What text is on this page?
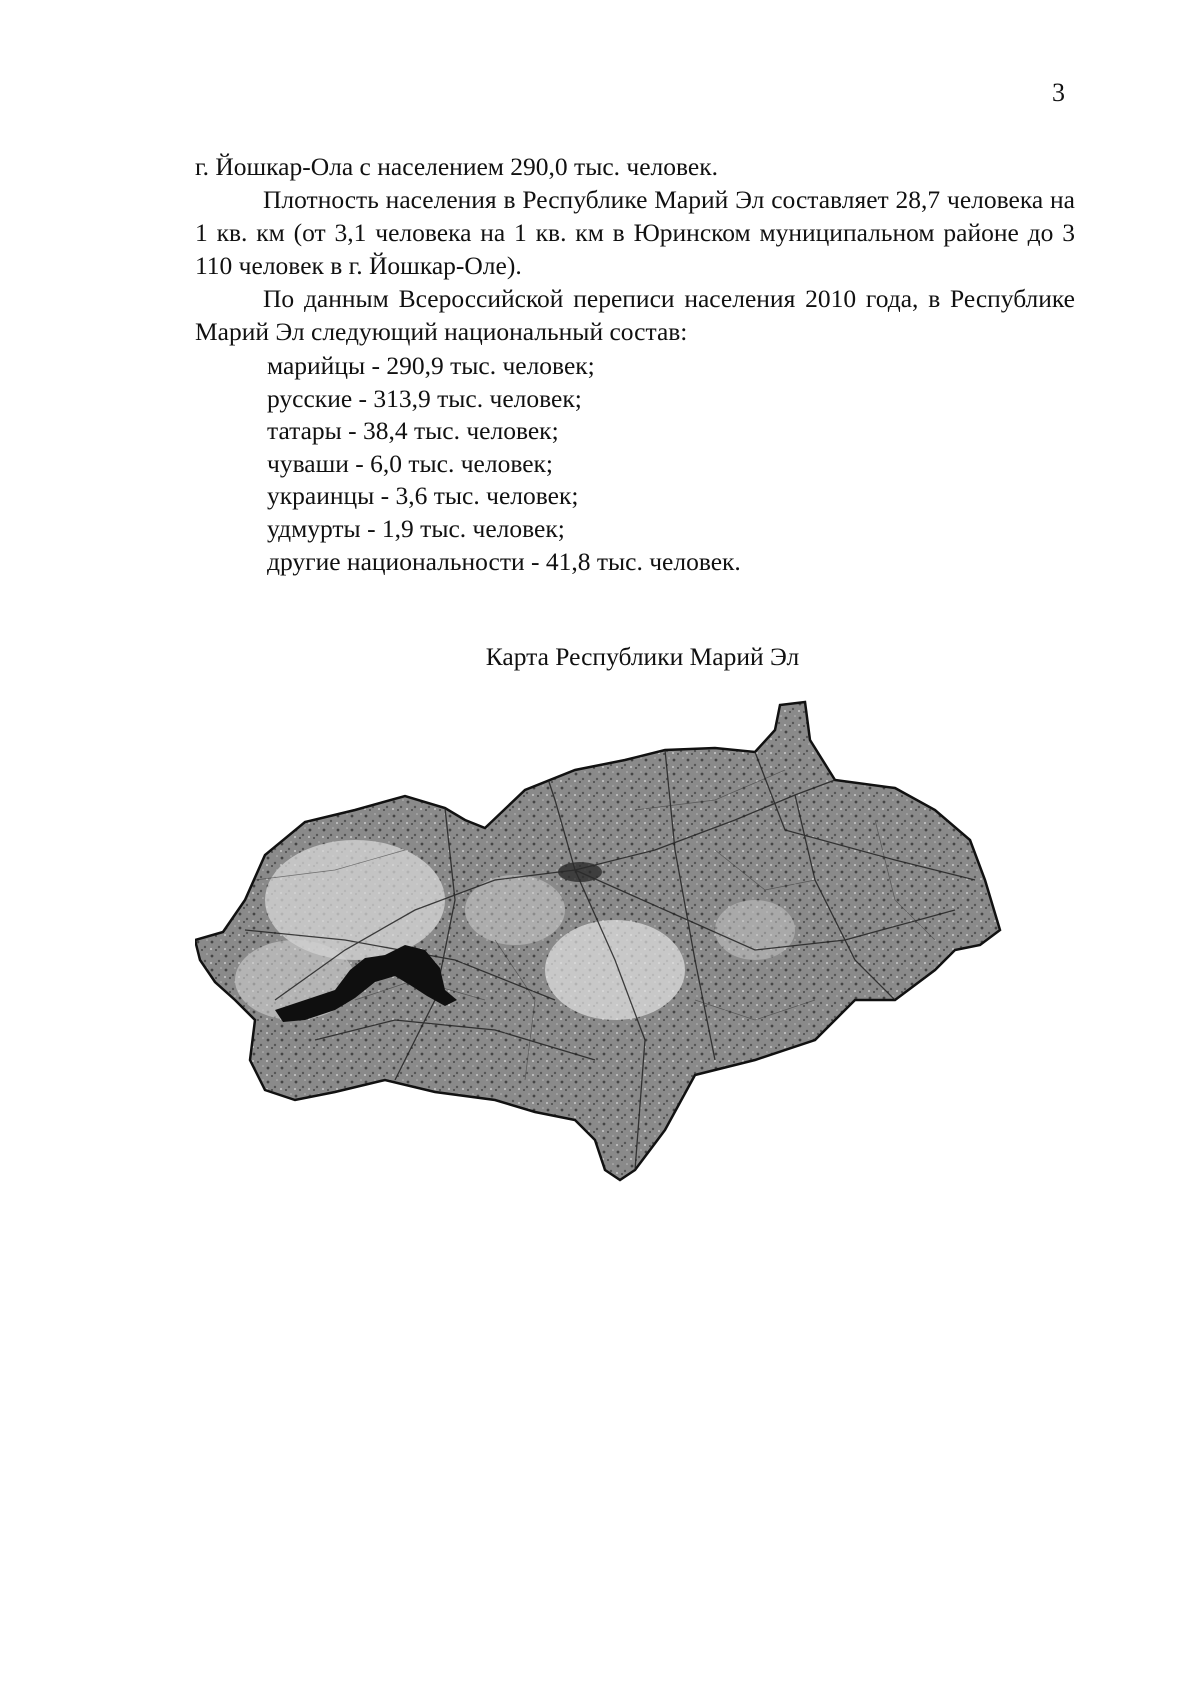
3
г. Йошкар-Ола с населением 290,0 тыс. человек.
Плотность населения в Республике Марий Эл составляет 28,7 человека на 1 кв. км (от 3,1 человека на 1 кв. км в Юринском муниципальном районе до 3 110 человек в г. Йошкар-Оле).
По данным Всероссийской переписи населения 2010 года, в Республике Марий Эл следующий национальный состав:
марийцы - 290,9 тыс. человек;
русские - 313,9 тыс. человек;
татары - 38,4 тыс. человек;
чуваши - 6,0 тыс. человек;
украинцы - 3,6 тыс. человек;
удмурты - 1,9 тыс. человек;
другие национальности - 41,8 тыс. человек.
Карта Республики Марий Эл
